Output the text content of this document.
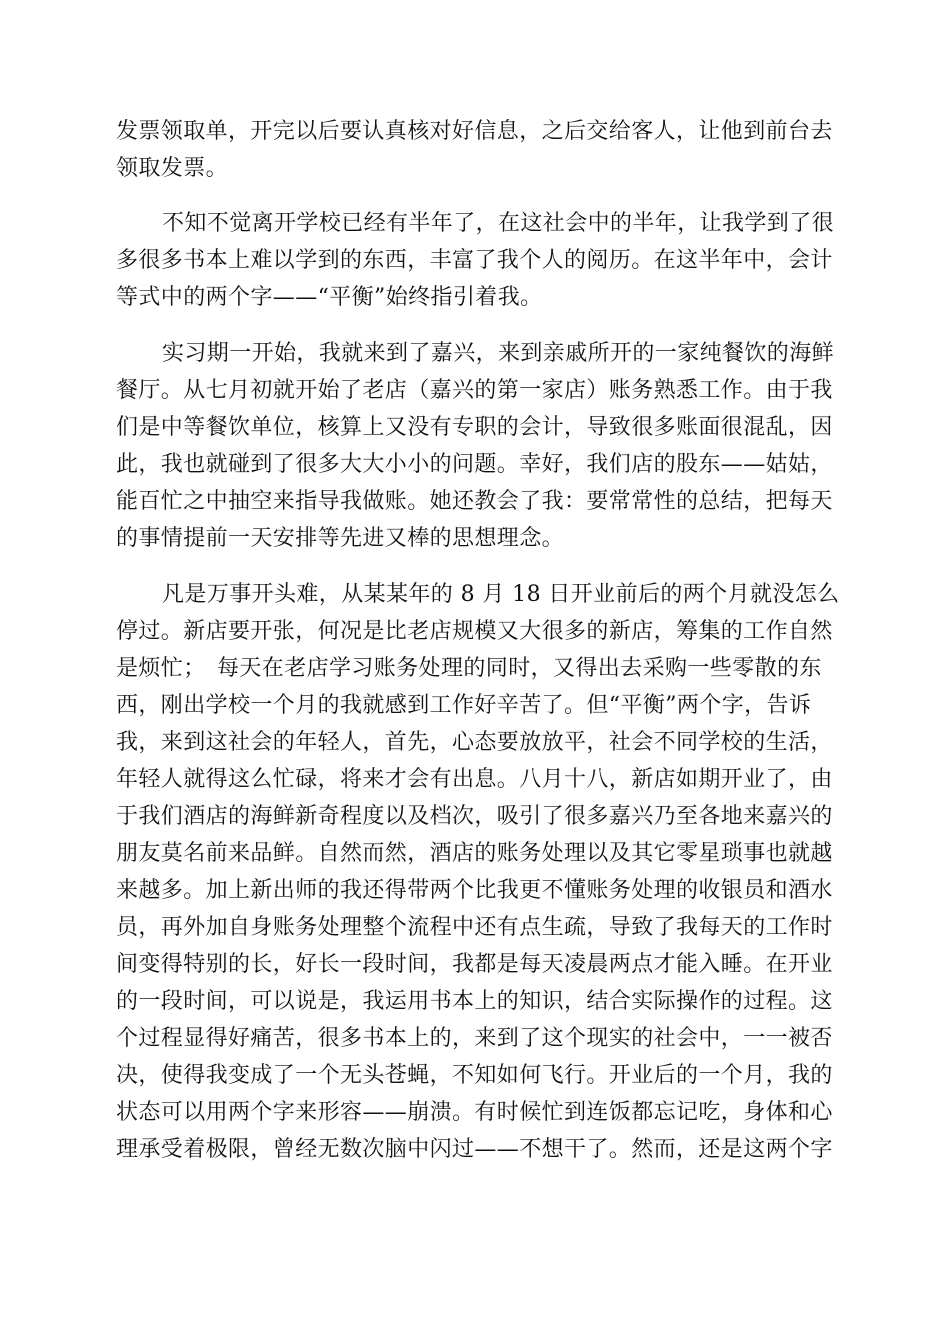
发票领取单，开完以后要认真核对好信息，之后交给客人，让他到前台去
领取发票。

不知不觉离开学校已经有半年了，在这社会中的半年，让我学到了很
多很多书本上难以学到的东西，丰富了我个人的阅历。在这半年中，会计
等式中的两个字——“平衡”始终指引着我。

实习期一开始，我就来到了嘉兴，来到亲戚所开的一家纯餐饮的海鲜
餐厅。从七月初就开始了老店（嘉兴的第一家店）账务熟悉工作。由于我
们是中等餐饮单位，核算上又没有专职的会计，导致很多账面很混乱，因
此，我也就碰到了很多大大小小的问题。幸好，我们店的股东——姑姑，
能百忙之中抽空来指导我做账。她还教会了我：要常常性的总结，把每天
的事情提前一天安排等先进又棒的思想理念。

凡是万事开头难，从某某年的 8 月 18 日开业前后的两个月就没怎么
停过。新店要开张，何况是比老店规模又大很多的新店，筹集的工作自然
是烦忙；　每天在老店学习账务处理的同时，又得出去采购一些零散的东
西，刚出学校一个月的我就感到工作好辛苦了。但“平衡”两个字，告诉
我，来到这社会的年轻人，首先，心态要放放平，社会不同学校的生活，
年轻人就得这么忙碌，将来才会有出息。八月十八，新店如期开业了，由
于我们酒店的海鲜新奇程度以及档次，吸引了很多嘉兴乃至各地来嘉兴的
朋友莫名前来品鲜。自然而然，酒店的账务处理以及其它零星琐事也就越
来越多。加上新出师的我还得带两个比我更不懂账务处理的收银员和酒水
员，再外加自身账务处理整个流程中还有点生疏，导致了我每天的工作时
间变得特别的长，好长一段时间，我都是每天凌晨两点才能入睡。在开业
的一段时间，可以说是，我运用书本上的知识，结合实际操作的过程。这
个过程显得好痛苦，很多书本上的，来到了这个现实的社会中，一一被否
决，使得我变成了一个无头苍蝇，不知如何飞行。开业后的一个月，我的
状态可以用两个字来形容——崩溃。有时候忙到连饭都忘记吃，身体和心
理承受着极限，曾经无数次脑中闪过——不想干了。然而，还是这两个字
